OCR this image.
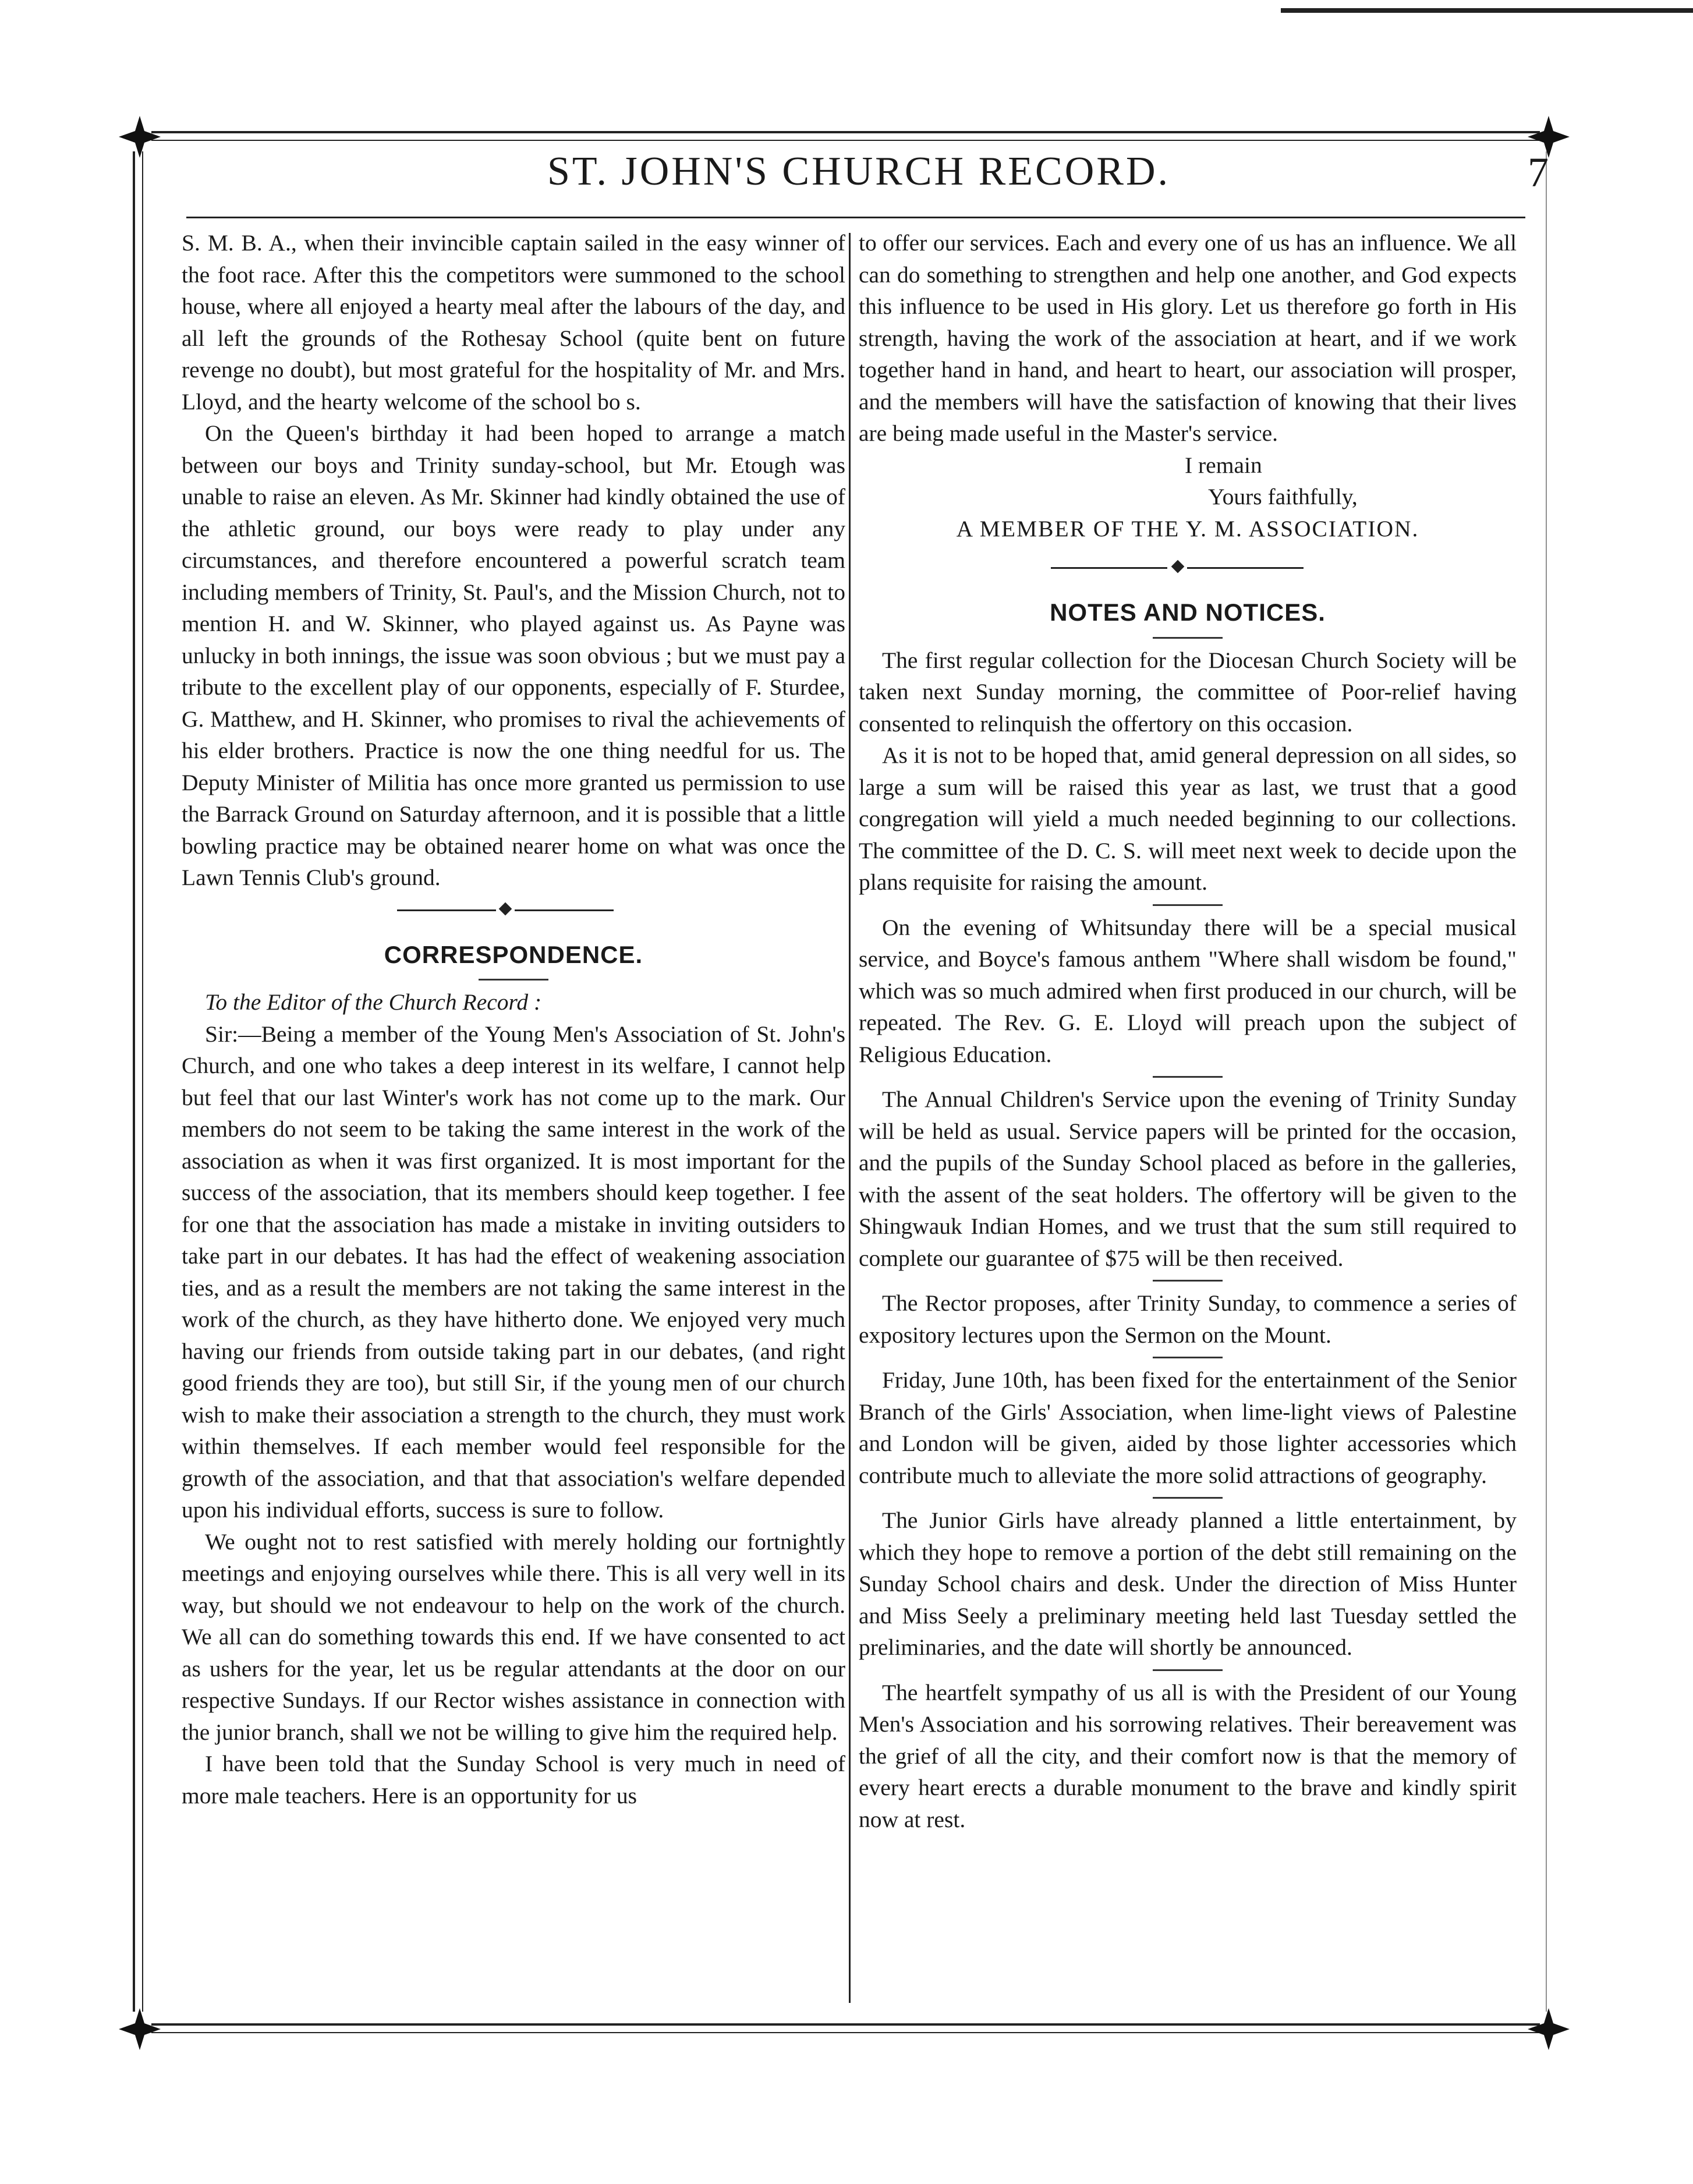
ST. JOHN'S CHURCH RECORD.	7

S. M. B. A., when their invincible captain sailed in the easy winner of the foot race. After this the competitors were summoned to the school house, where all enjoyed a hearty meal after the labours of the day, and all left the grounds of the Rothesay School (quite bent on future revenge no doubt), but most grateful for the hospitality of Mr. and Mrs. Lloyd, and the hearty welcome of the school bo s.

On the Queen's birthday it had been hoped to arrange a match between our boys and Trinity sunday-school, but Mr. Etough was unable to raise an eleven. As Mr. Skinner had kindly obtained the use of the athletic ground, our boys were ready to play under any circumstances, and therefore encountered a powerful scratch team including members of Trinity, St. Paul's, and the Mission Church, not to mention H. and W. Skinner, who played against us. As Payne was unlucky in both innings, the issue was soon obvious ; but we must pay a tribute to the excellent play of our opponents, especially of F. Sturdee, G. Matthew, and H. Skinner, who promises to rival the achievements of his elder brothers. Practice is now the one thing needful for us. The Deputy Minister of Militia has once more granted us permission to use the Barrack Ground on Saturday afternoon, and it is possible that a little bowling practice may be obtained nearer home on what was once the Lawn Tennis Club's ground.

CORRESPONDENCE.

To the Editor of the Church Record :

Sir:—Being a member of the Young Men's Association of St. John's Church, and one who takes a deep interest in its welfare, I cannot help but feel that our last Winter's work has not come up to the mark. Our members do not seem to be taking the same interest in the work of the association as when it was first organized. It is most important for the success of the association, that its members should keep together. I fee for one that the association has made a mistake in inviting outsiders to take part in our debates. It has had the effect of weakening association ties, and as a result the members are not taking the same interest in the work of the church, as they have hitherto done. We enjoyed very much having our friends from outside taking part in our debates, (and right good friends they are too), but still Sir, if the young men of our church wish to make their association a strength to the church, they must work within themselves. If each member would feel responsible for the growth of the association, and that that association's welfare depended upon his individual efforts, success is sure to follow.

We ought not to rest satisfied with merely holding our fortnightly meetings and enjoying ourselves while there. This is all very well in its way, but should we not endeavour to help on the work of the church. We all can do something towards this end. If we have consented to act as ushers for the year, let us be regular attendants at the door on our respective Sundays. If our Rector wishes assistance in connection with the junior branch, shall we not be willing to give him the required help.

I have been told that the Sunday School is very much in need of more male teachers. Here is an opportunity for us

to offer our services. Each and every one of us has an influence. We all can do something to strengthen and help one another, and God expects this influence to be used in His glory. Let us therefore go forth in His strength, having the work of the association at heart, and if we work together hand in hand, and heart to heart, our association will prosper, and the members will have the satisfaction of knowing that their lives are being made useful in the Master's service.

I remain
Yours faithfully,
A MEMBER OF THE Y. M. ASSOCIATION.
NOTES AND NOTICES.

The first regular collection for the Diocesan Church Society will be taken next Sunday morning, the committee of Poor-relief having consented to relinquish the offertory on this occasion.

As it is not to be hoped that, amid general depression on all sides, so large a sum will be raised this year as last, we trust that a good congregation will yield a much needed beginning to our collections. The committee of the D. C. S. will meet next week to decide upon the plans requisite for raising the amount.

On the evening of Whitsunday there will be a special musical service, and Boyce's famous anthem "Where shall wisdom be found," which was so much admired when first produced in our church, will be repeated. The Rev. G. E. Lloyd will preach upon the subject of Religious Education.

The Annual Children's Service upon the evening of Trinity Sunday will be held as usual. Service papers will be printed for the occasion, and the pupils of the Sunday School placed as before in the galleries, with the assent of the seat holders. The offertory will be given to the Shingwauk Indian Homes, and we trust that the sum still required to complete our guarantee of $75 will be then received.

The Rector proposes, after Trinity Sunday, to commence a series of expository lectures upon the Sermon on the Mount.

Friday, June 10th, has been fixed for the entertainment of the Senior Branch of the Girls' Association, when lime-light views of Palestine and London will be given, aided by those lighter accessories which contribute much to alleviate the more solid attractions of geography.

The Junior Girls have already planned a little entertainment, by which they hope to remove a portion of the debt still remaining on the Sunday School chairs and desk. Under the direction of Miss Hunter and Miss Seely a preliminary meeting held last Tuesday settled the preliminaries, and the date will shortly be announced.

The heartfelt sympathy of us all is with the President of our Young Men's Association and his sorrowing relatives. Their bereavement was the grief of all the city, and their comfort now is that the memory of every heart erects a durable monument to the brave and kindly spirit now at rest.
